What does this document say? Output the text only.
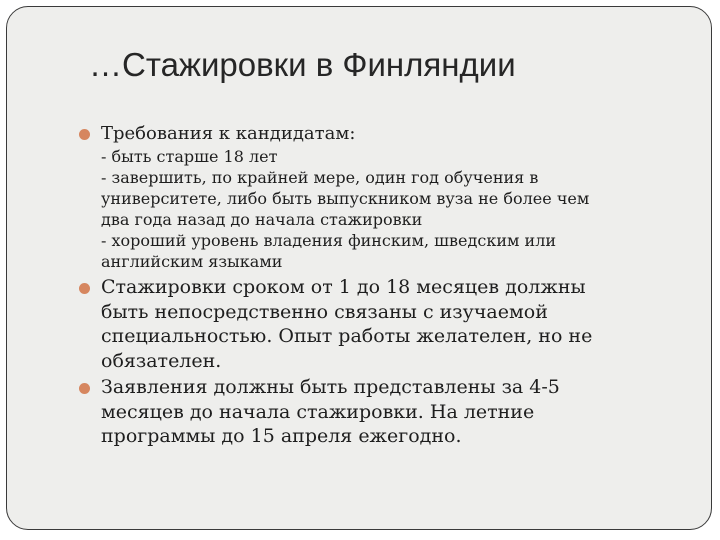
…Стажировки в Финляндии
Требования к кандидатам:
- быть старше 18 лет
- завершить, по крайней мере, один год обучения в
университете, либо быть выпускником вуза не более чем
два года назад до начала стажировки
- хороший уровень владения финским, шведским или
английским языками
Стажировки сроком от 1 до 18 месяцев должны
быть непосредственно связаны с изучаемой
специальностью. Опыт работы желателен, но не
обязателен.
Заявления должны быть представлены за 4-5
месяцев до начала стажировки. На летние
программы до 15 апреля ежегодно.
